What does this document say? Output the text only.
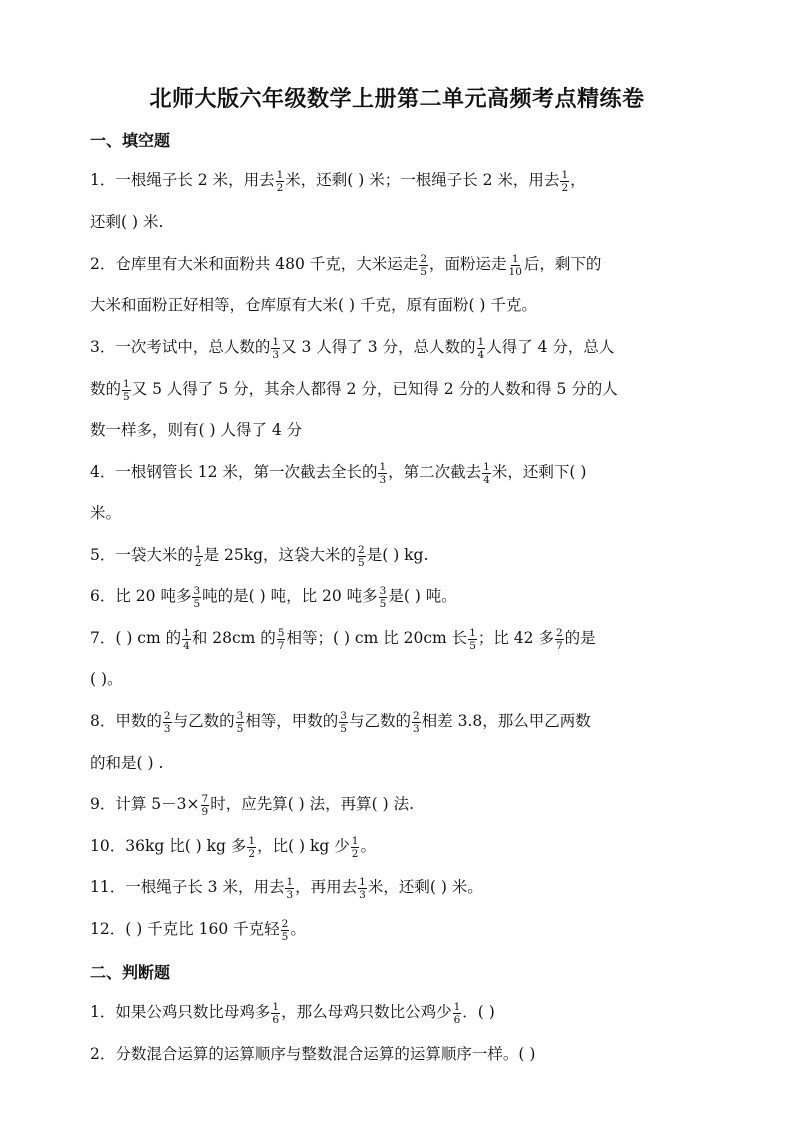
北师大版六年级数学上册第二单元高频考点精练卷
一、填空题
1．一根绳子长 2 米，用去 $\frac{1}{2}$ 米，还剩( ) 米；一根绳子长 2 米，用去 $\frac{1}{2}$ ，
还剩( ) 米.
2．仓库里有大米和面粉共 480 千克，大米运走 $\frac{2}{5}$ ，面粉运走 $\frac{1}{10}$ 后，剩下的
大米和面粉正好相等，仓库原有大米( ) 千克，原有面粉( ) 千克。
3．一次考试中，总人数的 $\frac{1}{3}$ 又 3 人得了 3 分，总人数的 $\frac{1}{4}$ 人得了 4 分，总人
数的 $\frac{1}{5}$ 又 5 人得了 5 分，其余人都得 2 分，已知得 2 分的人数和得 5 分的人
数一样多，则有( ) 人得了 4 分
4．一根钢管长 12 米，第一次截去全长的 $\frac{1}{3}$ ，第二次截去 $\frac{1}{4}$ 米，还剩下( )
米。
5．一袋大米的 $\frac{1}{2}$ 是 25kg，这袋大米的 $\frac{2}{5}$ 是( ) kg.
6．比 20 吨多 $\frac{3}{5}$ 吨的是( ) 吨，比 20 吨多 $\frac{3}{5}$ 是( ) 吨。
7．( ) cm 的 $\frac{1}{4}$ 和 28cm 的 $\frac{5}{7}$ 相等；( ) cm 比 20cm 长 $\frac{1}{5}$ ；比 42 多 $\frac{2}{7}$ 的是
( )。
8．甲数的 $\frac{2}{3}$ 与乙数的 $\frac{3}{5}$ 相等，甲数的 $\frac{3}{5}$ 与乙数的 $\frac{2}{3}$ 相差 3.8，那么甲乙两数
的和是( ) .
9．计算 $5-3\times \frac{7}{9}$ 时，应先算( ) 法，再算( ) 法.
10．36kg 比( ) kg 多 $\frac{1}{2}$ ，比( ) kg 少 $\frac{1}{2}$ 。
11．一根绳子长 3 米，用去 $\frac{1}{3}$ ，再用去 $\frac{1}{3}$ 米，还剩( ) 米。
12．( ) 千克比 160 千克轻 $\frac{2}{5}$ 。
二、判断题
1．如果公鸡只数比母鸡多 $\frac{1}{6}$ ，那么母鸡只数比公鸡少 $\frac{1}{6}$ ．( )
2．分数混合运算的运算顺序与整数混合运算的运算顺序一样。( )
